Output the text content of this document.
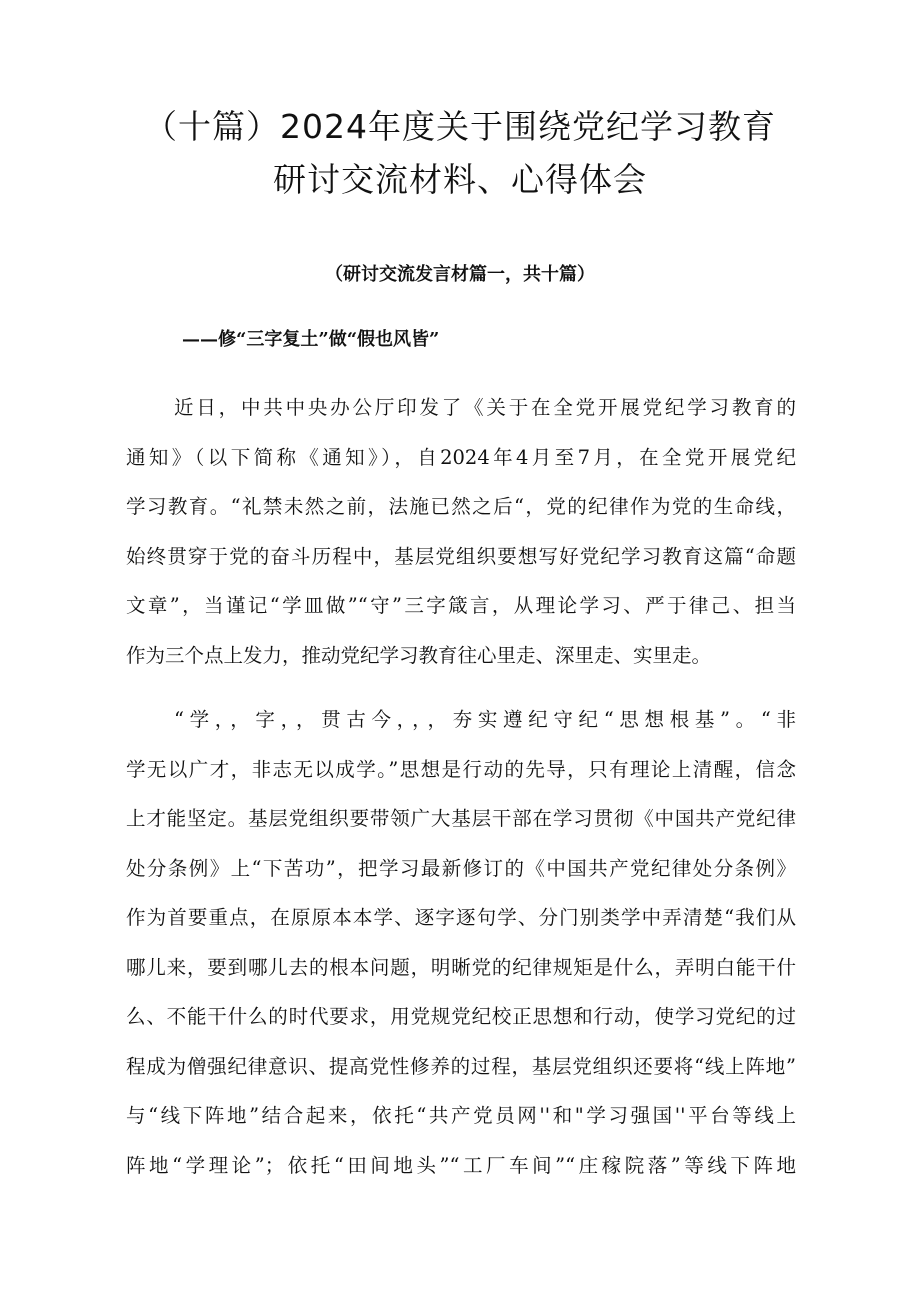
（十篇）2024年度关于围绕党纪学习教育
研讨交流材料、心得体会
（研讨交流发言材篇一，共十篇）
——修“三字复土”做“假也风皆”
近日，中共中央办公厅印发了《关于在全党开展党纪学习教育的
通知》（以下简称《通知》），自2024年4月至7月，在全党开展党纪
学习教育。“礼禁未然之前，法施已然之后“，党的纪律作为党的生命线，
始终贯穿于党的奋斗历程中，基层党组织要想写好党纪学习教育这篇“命题
文章”，当谨记“学皿做”“守”三字箴言，从理论学习、严于律己、担当
作为三个点上发力，推动党纪学习教育往心里走、深里走、实里走。
“学，，字，，贯古今，，，夯实遵纪守纪“思想根基”。“非
学无以广才，非志无以成学。”思想是行动的先导，只有理论上清醒，信念
上才能坚定。基层党组织要带领广大基层干部在学习贯彻《中国共产党纪律
处分条例》上“下苦功”，把学习最新修订的《中国共产党纪律处分条例》
作为首要重点，在原原本本学、逐字逐句学、分门别类学中弄清楚“我们从
哪儿来，要到哪儿去的根本问题，明晰党的纪律规矩是什么，弄明白能干什
么、不能干什么的时代要求，用党规党纪校正思想和行动，使学习党纪的过
程成为僧强纪律意识、提高党性修养的过程，基层党组织还要将“线上阵地”
与“线下阵地”结合起来，依托“共产党员网''和"学习强国''平台等线上
阵地“学理论”；依托“田间地头”“工厂车间”“庄稼院落”等线下阵地
